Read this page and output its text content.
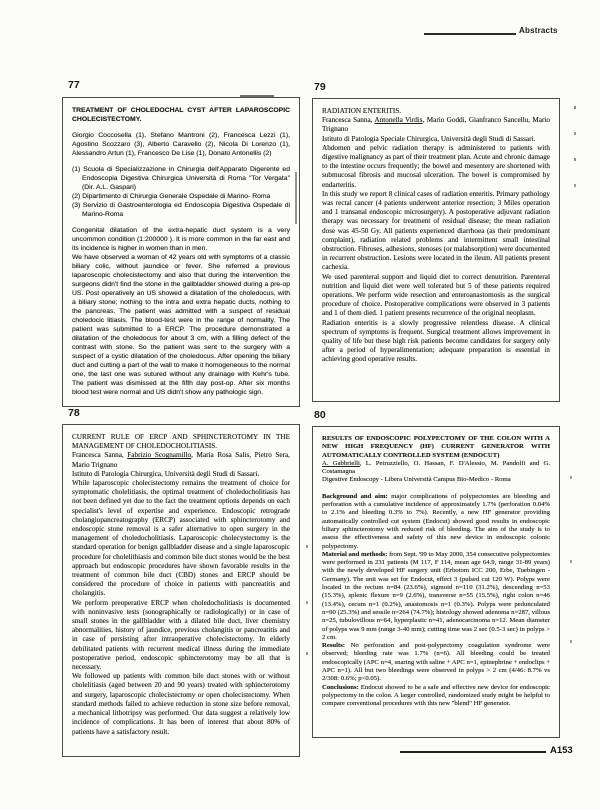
Abstracts
77
TREATMENT OF CHOLEDOCHAL CYST AFTER LAPAROSCOPIC CHOLECISTECTOMY.
Giorgio Coccosella (1), Stefano Mantroni (2), Francesca Lezzi (1), Agostino Scozzaro (3), Alberto Caravello (2), Nicola Di Lorenzo (1), Alessandro Artun (1), Francesco De Lise (1), Donato Antonellis (2)
(1) Scuola di Specializzazione in Chirurgia dell'Apparato Digerente ed Endoscopia Digestiva Chirurgica Università di Roma "Tor Vergata" (Dir. A.L. Gaspari)
(2) Dipartimento di Chirurgia Generale Ospedale di Marino- Roma
(3) Servizio di Gastroenterologia ed Endoscopia Digestiva Ospedale di Marino-Roma

Congenital dilatation of the extra-hepatic duct system is a very uncommon condition (1:200000 ). It is more common in the far east and its incidence is higher in women than in men.

We have observed a woman of 42 years old with symptoms of a classic biliary colic, without jaundice or fever. She referred a previous laparoscopic cholecistectomy and also that during the intervention the surgeons didn't find the stone in the gallbladder showed during a pre-op US. Post operatively an US showed a dilatation of the choledocus, with a biliary stone; nothing to the intra and extra hepatic ducts, nothing to the pancreas. The patient was admitted with a suspect of residual choledocic litiasis. The blood-test were in the range of normality. The patient was submitted to a ERCP. The procedure demonstrated a dilatation of the choledocus for about 3 cm, with a filling defect of the contrast with stone. So the patient was sent to the surgery with a suspect of a cystic dilatation of the choledocus. After opening the biliary duct and cutting a part of the wall to make it homogeneous to the normal one, the last one was sutured without any drainage with Kehr's tube. The patient was dismissed at the fifth day post-op. After six months blood test were normal and US didn't show any pathologic sign.

78
CURRENT RULE OF ERCP AND SPHINCTEROTOMY IN THE MANAGEMENT OF CHOLEDOCHOLITIASIS.
Francesca Sanna, Fabrizio Scognamillo, Maria Rosa Salis, Pietro Sera, Mario Trignano
Istituto di Patologia Chirurgica, Università degli Studi di Sassari.

While laparoscopic cholecistectomy remains the treatment of choice for symptomatic cholelitiasis, the optimal treatment of choledocholitiasis has not been defined yet due to the fact the treatment options depends on each specialist's level of expertise and experience. Endoscopic retrograde cholangiopancreatography (ERCP) associated with sphincterotomy and endoscopic stone removal is a safer alternative to open surgery in the management of choledocholitiasis. Laparoscopic cholecystectomy is the standard operation for benign gallbladder disease and a single laparoscopic procedure for cholelithiasis and common bile duct stones would be the best approach but endoscopic procedures have shown favorable results in the treatment of common bile duct (CBD) stones and ERCP should be considered the procedure of choice in patients with pancreatitis and cholangitis.

We perform preoperative ERCP when choledocholitiasis is documented with noninvasive tests (sonographically or radiologically) or in case of small stones in the gallbladder with a dilated bile duct, liver chemistry abnormalities, history of jaundice, previous cholangitis or pancreatitis and in case of persisting after intraoperative cholecistectomy. In elderly debilitated patients with recurrent medical illness during the immediate postoperative period, endoscopic sphincterotomy may be all that is necessary.

We followed up patients with common bile duct stones with or without cholelitiasis (aged between 20 and 90 years) treated with sphincterotomy and surgery, laparoscopic cholecistectomy or open cholecistectomy. When standard methods failed to achieve reduction in stone size before removal, a mechanical lithotripsy was performed. Our data suggest a relatively low incidence of complications. It has been of interest that about 80% of patients have a satisfactory result.

79
RADIATION ENTERITIS.
Francesca Sanna, Antonella Virdis, Mario Goddi, Gianfranco Sancellu, Mario Trignano
Istituto di Patologia Speciale Chirurgica, Università degli Studi di Sassari.

Abdomen and pelvic radiation therapy is administered to patients with digestive malignancy as part of their treatment plan. Acute and chronic damage to the intestine occurs frequently; the bowel and mesentery are shortened with submucosal fibrosis and mucosal ulceration. The bowel is compromised by endarteritis.

In this study we report 8 clinical cases of radiation enteritis. Primary pathology was rectal cancer (4 patients underwent anterior resection; 3 Miles operation and 1 transanal endoscopic microsurgery). A postoperative adjuvant radiation therapy was necessary for treatment of residual disease; the mean radiation dose was 45-50 Gy. All patients experienced diarrhoea (as their predominant complaint), radiation related problems and intermittent small intestinal obstruction. Fibroses, adhesions, stenoses (or malabsorption) were documented in recurrent obstruction. Lesions were located in the ileum. All patients present cachexia.

We used parenteral support and liquid diet to correct denutrition. Parenteral nutrition and liquid diet were well tolerated but 5 of these patients required operations. We perform wide resection and enteroanastomosis as the surgical procedure of choice. Postoperative complications were observed in 3 patients and 1 of them died. 1 patient presents recurrence of the original neoplasm.

Radiation enteritis is a slowly progressive relentless disease. A clinical spectrum of symptoms is frequent. Surgical treatment allows improvement in quality of life but these high risk patients become candidates for surgery only after a period of hyperalimentation; adequate preparation is essential in achieving good operative results.

80
RESULTS OF ENDOSCOPIC POLYPECTOMY OF THE COLON WITH A NEW HIGH FREQUENCY (HF) CURRENT GENERATOR WITH AUTOMATICALLY CONTROLLED SYSTEM (ENDOCUT)
A. Gabbrielli, L. Petruzziello, O. Hassan, F. D'Alessio, M. Pandolfi and G. Costamagna
Digestive Endoscopy - Libera Università Campus Bio-Medico - Roma

Background and aim: major complications of polypectomies are bleeding and perforation with a cumulative incidence of approximately 1.7% (perforation 0.04% to 2.1% and bleeding 0.3% to 7%). Recently, a new HF generator providing automatically controlled cut system (Endocut) showed good results in endoscopic biliary sphincterotomy with reduced risk of bleeding. The aim of the study is to assess the effectiveness and safety of this new device in endoscopic colonic polypectomy.

Material and methods: from Sept. '99 to May 2000, 354 consecutive polypectomies were performed in 231 patients (M 117, F 114, mean age 64.9, range 31-89 years) with the newly developed HF surgery unit (Erbotom ICC 200, Erbe, Tuebingen - Germany). The unit was set for Endocut, effect 3 (pulsed cut 120 W). Polyps were located in the rectum n=84 (23.6%), sigmoid n=110 (31.2%), descending n=53 (15.3%), splenic flexure n=9 (2.6%), transverse n=55 (15.5%), right colon n=46 (13.4%), cecum n=1 (0.2%), anastomosis n=1 (0.3%). Polyps were pedunculated n=90 (25.3%) and sessile n=264 (74.7%); histology showed adenoma n=287, villous n=25, tubulovillous n=64, hyperplastic n=41, adenocarcinoma n=12. Mean diameter of polyps was 9 mm (range 3-40 mm); cutting time was 2 sec (0.5-3 sec) in polyps > 2 cm.

Results: No perforation and post-polypectomy coagulation syndrome were observed; bleeding rate was 1.7% (n=6). All bleeding could be treated endoscopically (APC n=4, snaring with saline + APC n=1, epinephrine + endoclips + APC n=1). All but two bleedings were observed in polyps > 2 cm (4/46: 8.7% vs 2/308: 0.6%; p<0.05).

Conclusions: Endocut showed to be a safe and effective new device for endoscopic polypectomy in the colon. A larger controlled, randomized study might be helpful to compare conventional procedures with this new "blend" HF generator.

A153
